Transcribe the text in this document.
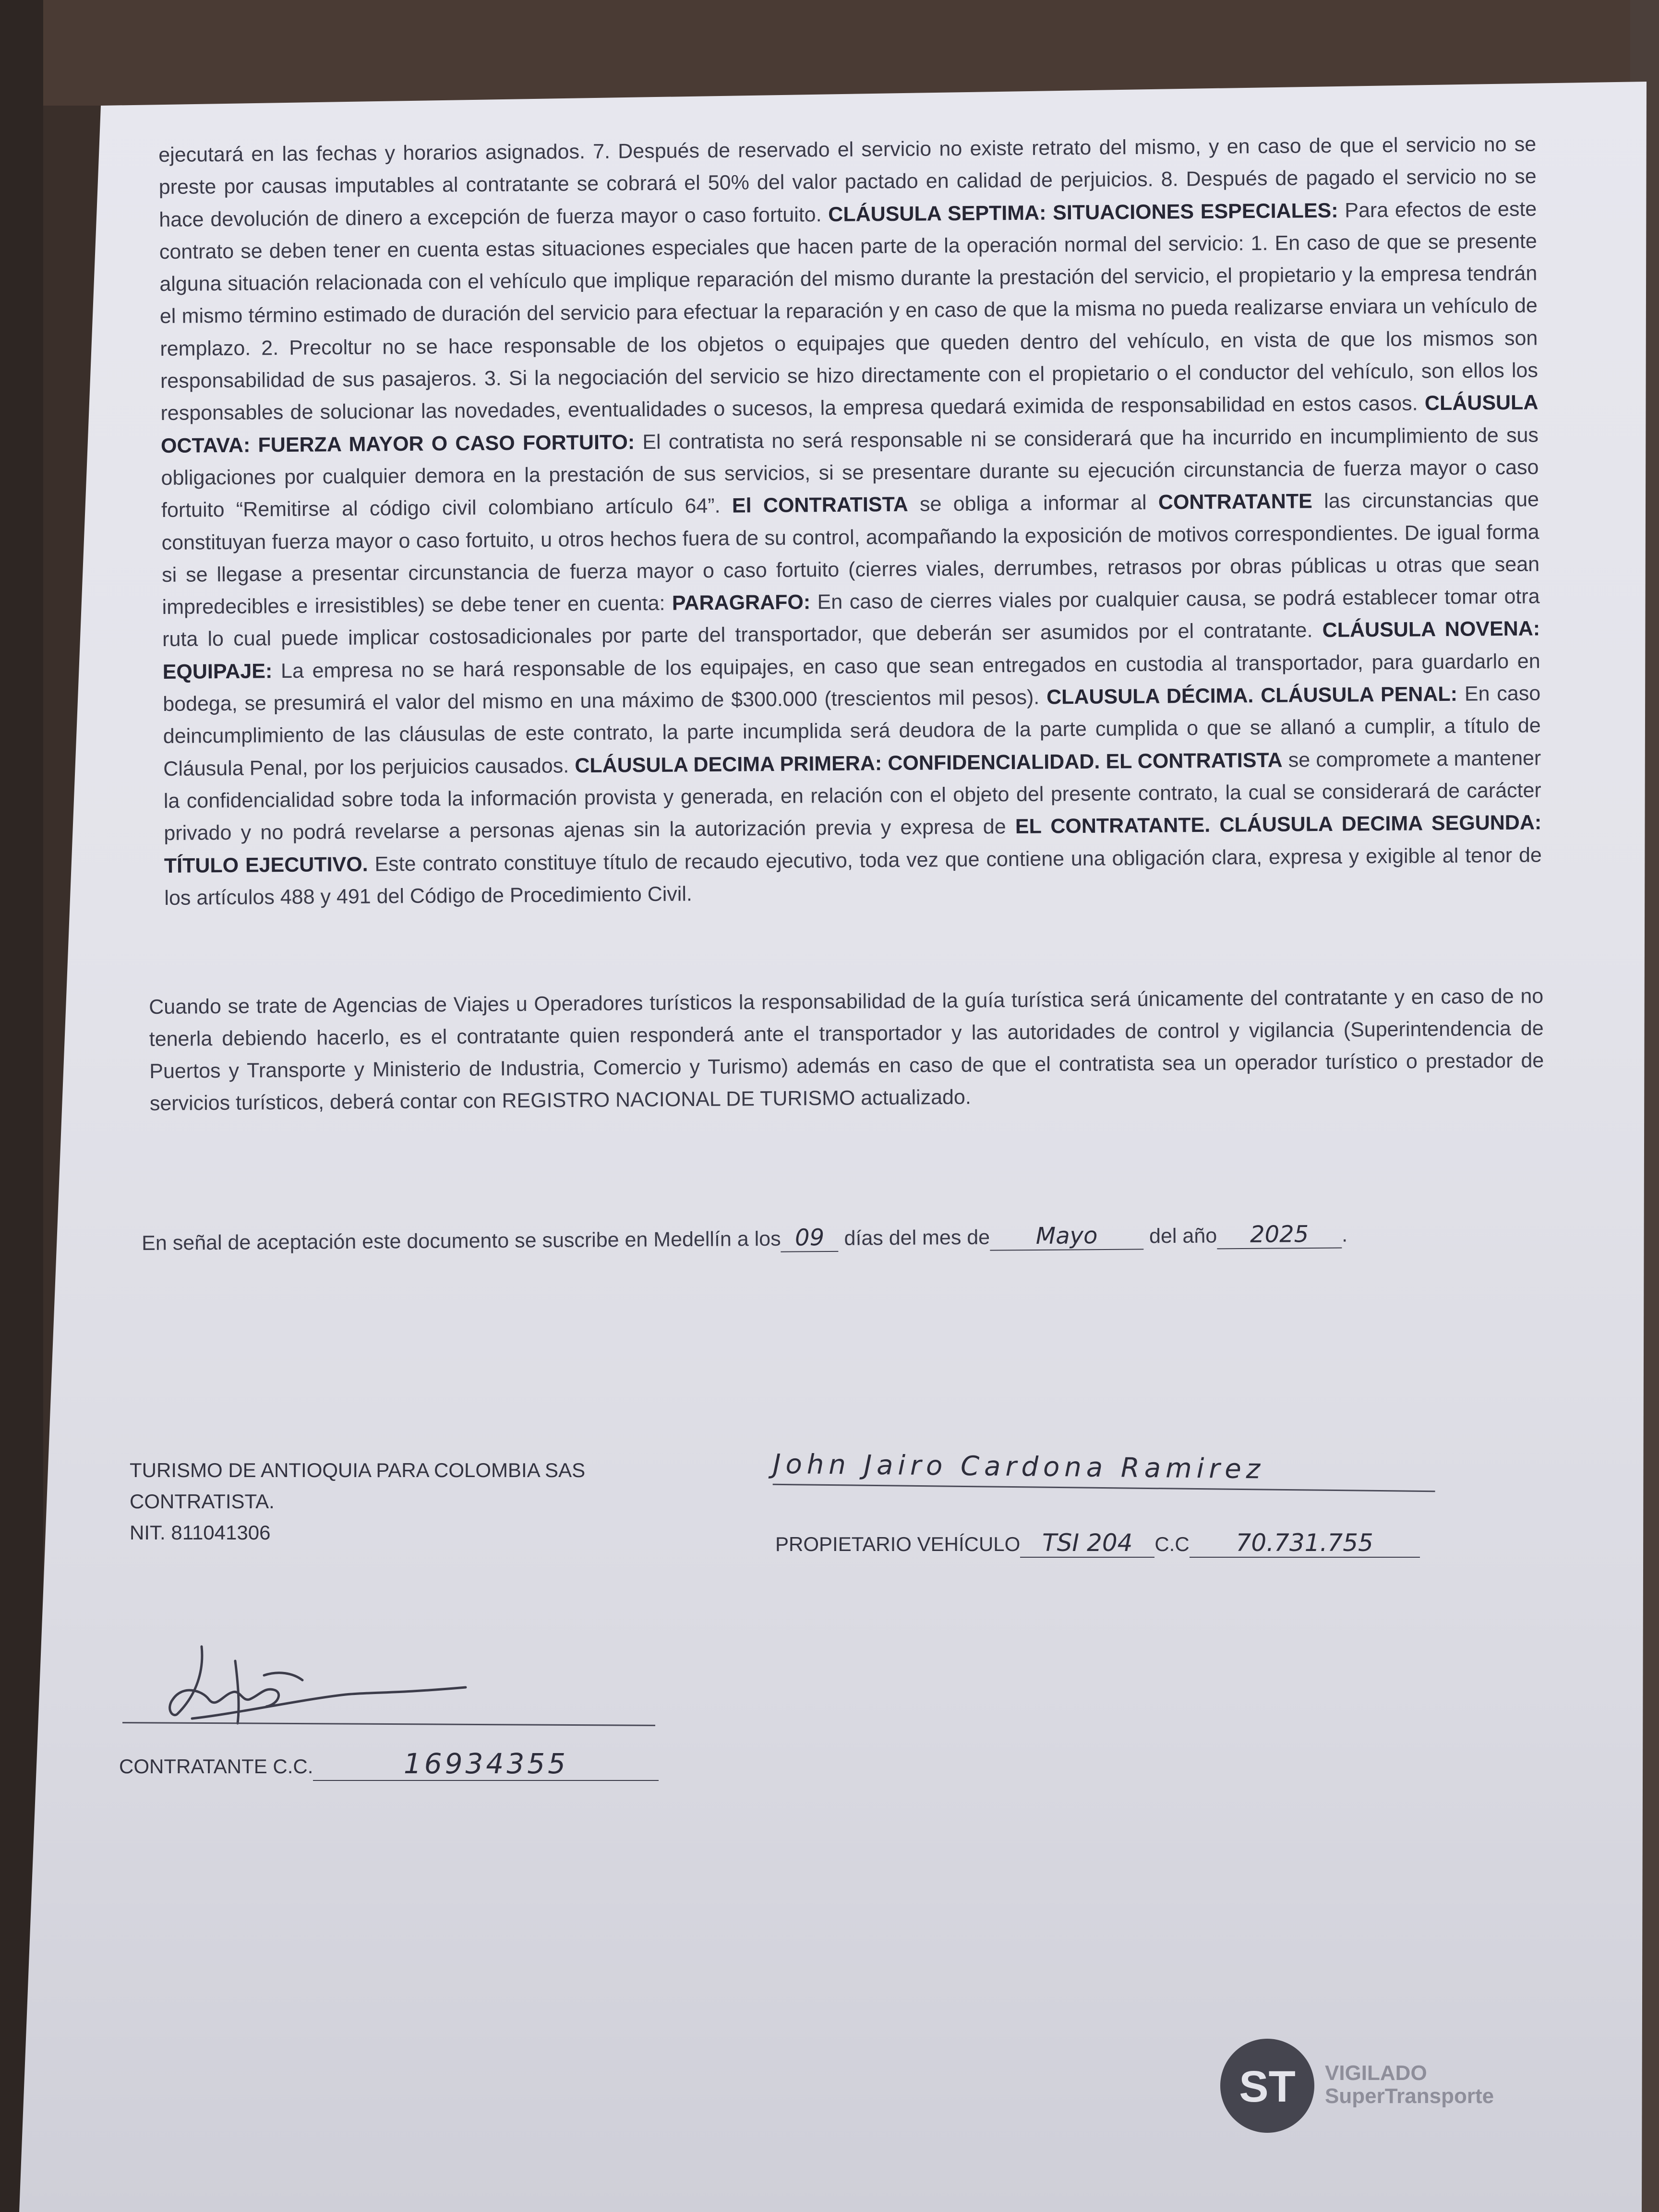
ejecutará en las fechas y horarios asignados. 7. Después de reservado el servicio no existe retrato del mismo, y en caso de que el servicio no se preste por causas imputables al contratante se cobrará el 50% del valor pactado en calidad de perjuicios. 8. Después de pagado el servicio no se hace devolución de dinero a excepción de fuerza mayor o caso fortuito. CLÁUSULA SEPTIMA: SITUACIONES ESPECIALES: Para efectos de este contrato se deben tener en cuenta estas situaciones especiales que hacen parte de la operación normal del servicio: 1. En caso de que se presente alguna situación relacionada con el vehículo que implique reparación del mismo durante la prestación del servicio, el propietario y la empresa tendrán el mismo término estimado de duración del servicio para efectuar la reparación y en caso de que la misma no pueda realizarse enviara un vehículo de remplazo. 2. Precoltur no se hace responsable de los objetos o equipajes que queden dentro del vehículo, en vista de que los mismos son responsabilidad de sus pasajeros. 3. Si la negociación del servicio se hizo directamente con el propietario o el conductor del vehículo, son ellos los responsables de solucionar las novedades, eventualidades o sucesos, la empresa quedará eximida de responsabilidad en estos casos. CLÁUSULA OCTAVA: FUERZA MAYOR O CASO FORTUITO: El contratista no será responsable ni se considerará que ha incurrido en incumplimiento de sus obligaciones por cualquier demora en la prestación de sus servicios, si se presentare durante su ejecución circunstancia de fuerza mayor o caso fortuito “Remitirse al código civil colombiano artículo 64”. El CONTRATISTA se obliga a informar al CONTRATANTE las circunstancias que constituyan fuerza mayor o caso fortuito, u otros hechos fuera de su control, acompañando la exposición de motivos correspondientes. De igual forma si se llegase a presentar circunstancia de fuerza mayor o caso fortuito (cierres viales, derrumbes, retrasos por obras públicas u otras que sean impredecibles e irresistibles) se debe tener en cuenta: PARAGRAFO: En caso de cierres viales por cualquier causa, se podrá establecer tomar otra ruta lo cual puede implicar costosadicionales por parte del transportador, que deberán ser asumidos por el contratante. CLÁUSULA NOVENA: EQUIPAJE: La empresa no se hará responsable de los equipajes, en caso que sean entregados en custodia al transportador, para guardarlo en bodega, se presumirá el valor del mismo en una máximo de $300.000 (trescientos mil pesos). CLAUSULA DÉCIMA. CLÁUSULA PENAL: En caso deincumplimiento de las cláusulas de este contrato, la parte incumplida será deudora de la parte cumplida o que se allanó a cumplir, a título de Cláusula Penal, por los perjuicios causados. CLÁUSULA DECIMA PRIMERA: CONFIDENCIALIDAD. EL CONTRATISTA se compromete a mantener la confidencialidad sobre toda la información provista y generada, en relación con el objeto del presente contrato, la cual se considerará de carácter privado y no podrá revelarse a personas ajenas sin la autorización previa y expresa de EL CONTRATANTE. CLÁUSULA DECIMA SEGUNDA: TÍTULO EJECUTIVO. Este contrato constituye título de recaudo ejecutivo, toda vez que contiene una obligación clara, expresa y exigible al tenor de los artículos 488 y 491 del Código de Procedimiento Civil.

Cuando se trate de Agencias de Viajes u Operadores turísticos la responsabilidad de la guía turística será únicamente del contratante y en caso de no tenerla debiendo hacerlo, es el contratante quien responderá ante el transportador y las autoridades de control y vigilancia (Superintendencia de Puertos y Transporte y Ministerio de Industria, Comercio y Turismo) además en caso de que el contratista sea un operador turístico o prestador de servicios turísticos, deberá contar con REGISTRO NACIONAL DE TURISMO actualizado.

En señal de aceptación este documento se suscribe en Medellín a los 09 días del mes de Mayo del año 2025 .
TURISMO DE ANTIOQUIA PARA COLOMBIA SAS
CONTRATISTA.
NIT. 811041306
John Jairo Cardona Ramirez
PROPIETARIO VEHÍCULO TSI 204 C.C 70.731.755
CONTRATANTE C.C.	16934355
ST VIGILADO
SuperTransporte
